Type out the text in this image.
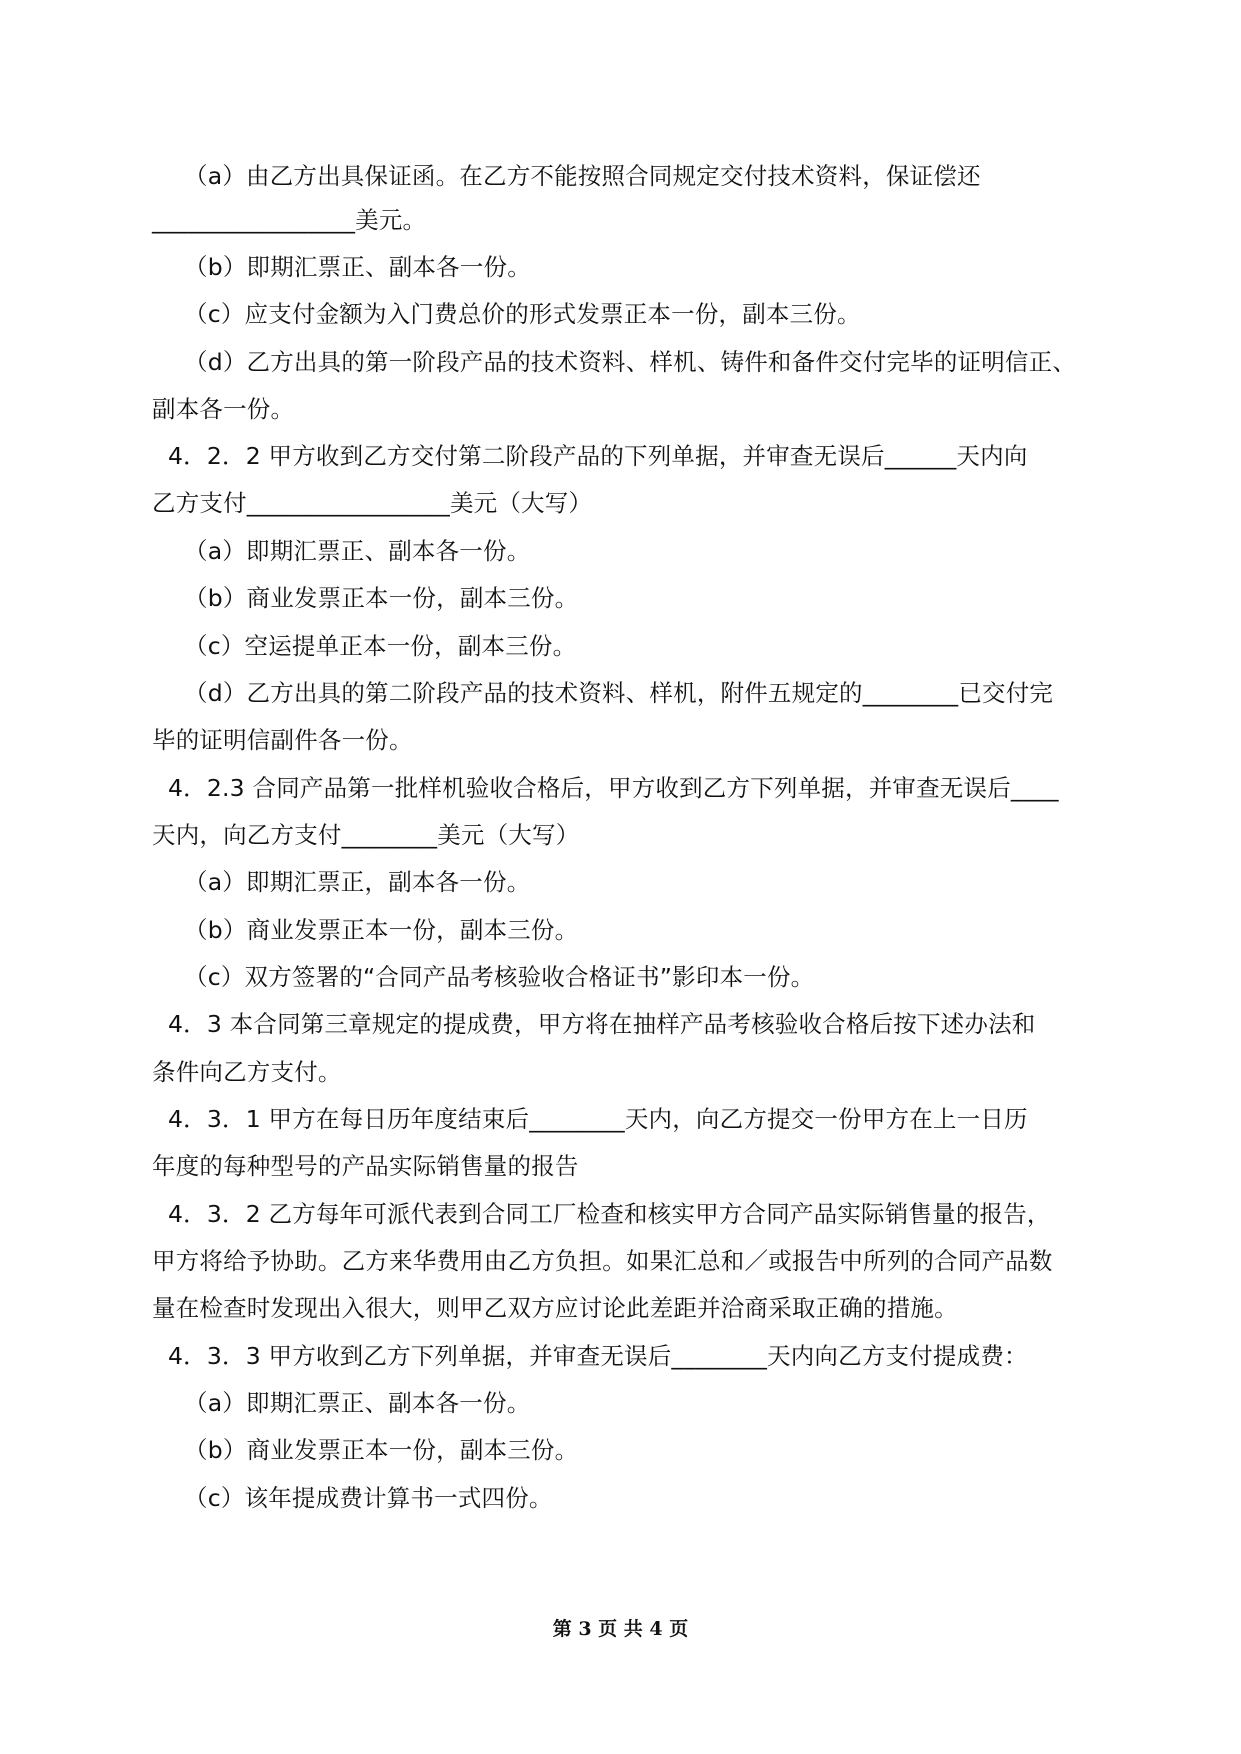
（a）由乙方出具保证函。在乙方不能按照合同规定交付技术资料，保证偿还
_________________美元。
（b）即期汇票正、副本各一份。
（c）应支付金额为入门费总价的形式发票正本一份，副本三份。
（d）乙方出具的第一阶段产品的技术资料、样机、铸件和备件交付完毕的证明信正、
副本各一份。
4．2．2 甲方收到乙方交付第二阶段产品的下列单据，并审查无误后______天内向
乙方支付_________________美元（大写）
（a）即期汇票正、副本各一份。
（b）商业发票正本一份，副本三份。
（c）空运提单正本一份，副本三份。
（d）乙方出具的第二阶段产品的技术资料、样机，附件五规定的________已交付完
毕的证明信副件各一份。
4．2.3 合同产品第一批样机验收合格后，甲方收到乙方下列单据，并审查无误后____
天内，向乙方支付________美元（大写）
（a）即期汇票正，副本各一份。
（b）商业发票正本一份，副本三份。
（c）双方签署的“合同产品考核验收合格证书”影印本一份。
4．3 本合同第三章规定的提成费，甲方将在抽样产品考核验收合格后按下述办法和
条件向乙方支付。
4．3．1 甲方在每日历年度结束后________天内，向乙方提交一份甲方在上一日历
年度的每种型号的产品实际销售量的报告
4．3．2 乙方每年可派代表到合同工厂检查和核实甲方合同产品实际销售量的报告，
甲方将给予协助。乙方来华费用由乙方负担。如果汇总和／或报告中所列的合同产品数
量在检查时发现出入很大，则甲乙双方应讨论此差距并洽商采取正确的措施。
4．3．3 甲方收到乙方下列单据，并审查无误后________天内向乙方支付提成费：
（a）即期汇票正、副本各一份。
（b）商业发票正本一份，副本三份。
（c）该年提成费计算书一式四份。
第 3 页 共 4 页
